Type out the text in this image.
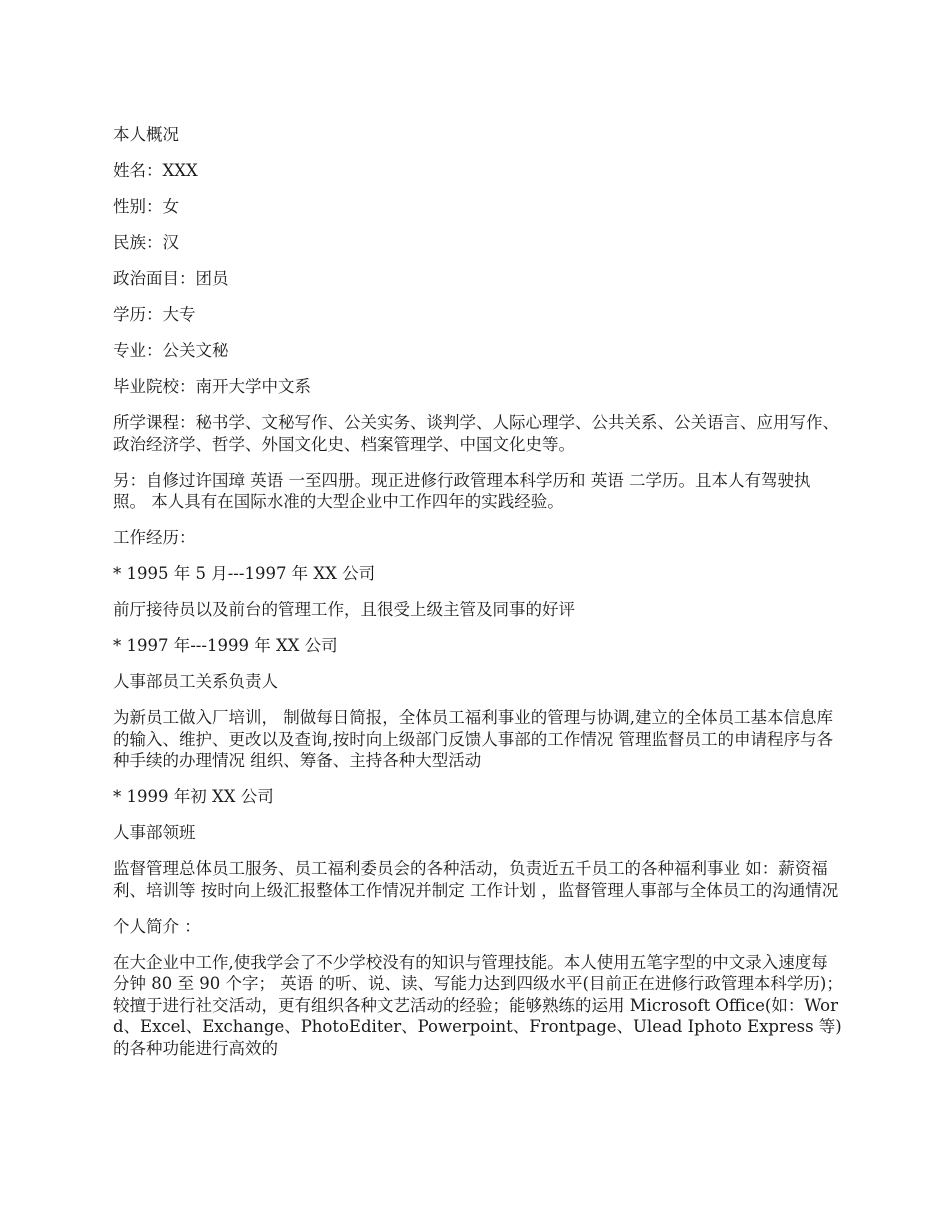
本人概况

姓名：XXX

性别：女

民族：汉

政治面目：团员

学历：大专

专业：公关文秘

毕业院校：南开大学中文系

所学课程：秘书学、文秘写作、公关实务、谈判学、人际心理学、公共关系、公关语言、应用写作、 政治经济学、哲学、外国文化史、档案管理学、中国文化史等。

另：自修过许国璋 英语 一至四册。现正进修行政管理本科学历和 英语 二学历。且本人有驾驶执照。 本人具有在国际水准的大型企业中工作四年的实践经验。

工作经历：

* 1995 年 5 月---1997 年 XX 公司

前厅接待员以及前台的管理工作，且很受上级主管及同事的好评

* 1997 年---1999 年 XX 公司

人事部员工关系负责人

为新员工做入厂培训， 制做每日简报，全体员工福利事业的管理与协调,建立的全体员工基本信息库的输入、维护、更改以及查询,按时向上级部门反馈人事部的工作情况 管理监督员工的申请程序与各种手续的办理情况 组织、筹备、主持各种大型活动

* 1999 年初 XX 公司

人事部领班

监督管理总体员工服务、员工福利委员会的各种活动，负责近五千员工的各种福利事业 如：薪资福利、培训等 按时向上级汇报整体工作情况并制定 工作计划 ，监督管理人事部与全体员工的沟通情况

个人简介 ：

在大企业中工作,使我学会了不少学校没有的知识与管理技能。本人使用五笔字型的中文录入速度每分钟 80 至 90 个字； 英语 的听、说、读、写能力达到四级水平(目前正在进修行政管理本科学历)；较擅于进行社交活动，更有组织各种文艺活动的经验；能够熟练的运用 Microsoft Office(如：Word、Excel、Exchange、PhotoEditer、Powerpoint、Frontpage、Ulead Iphoto Express 等)的各种功能进行高效的
